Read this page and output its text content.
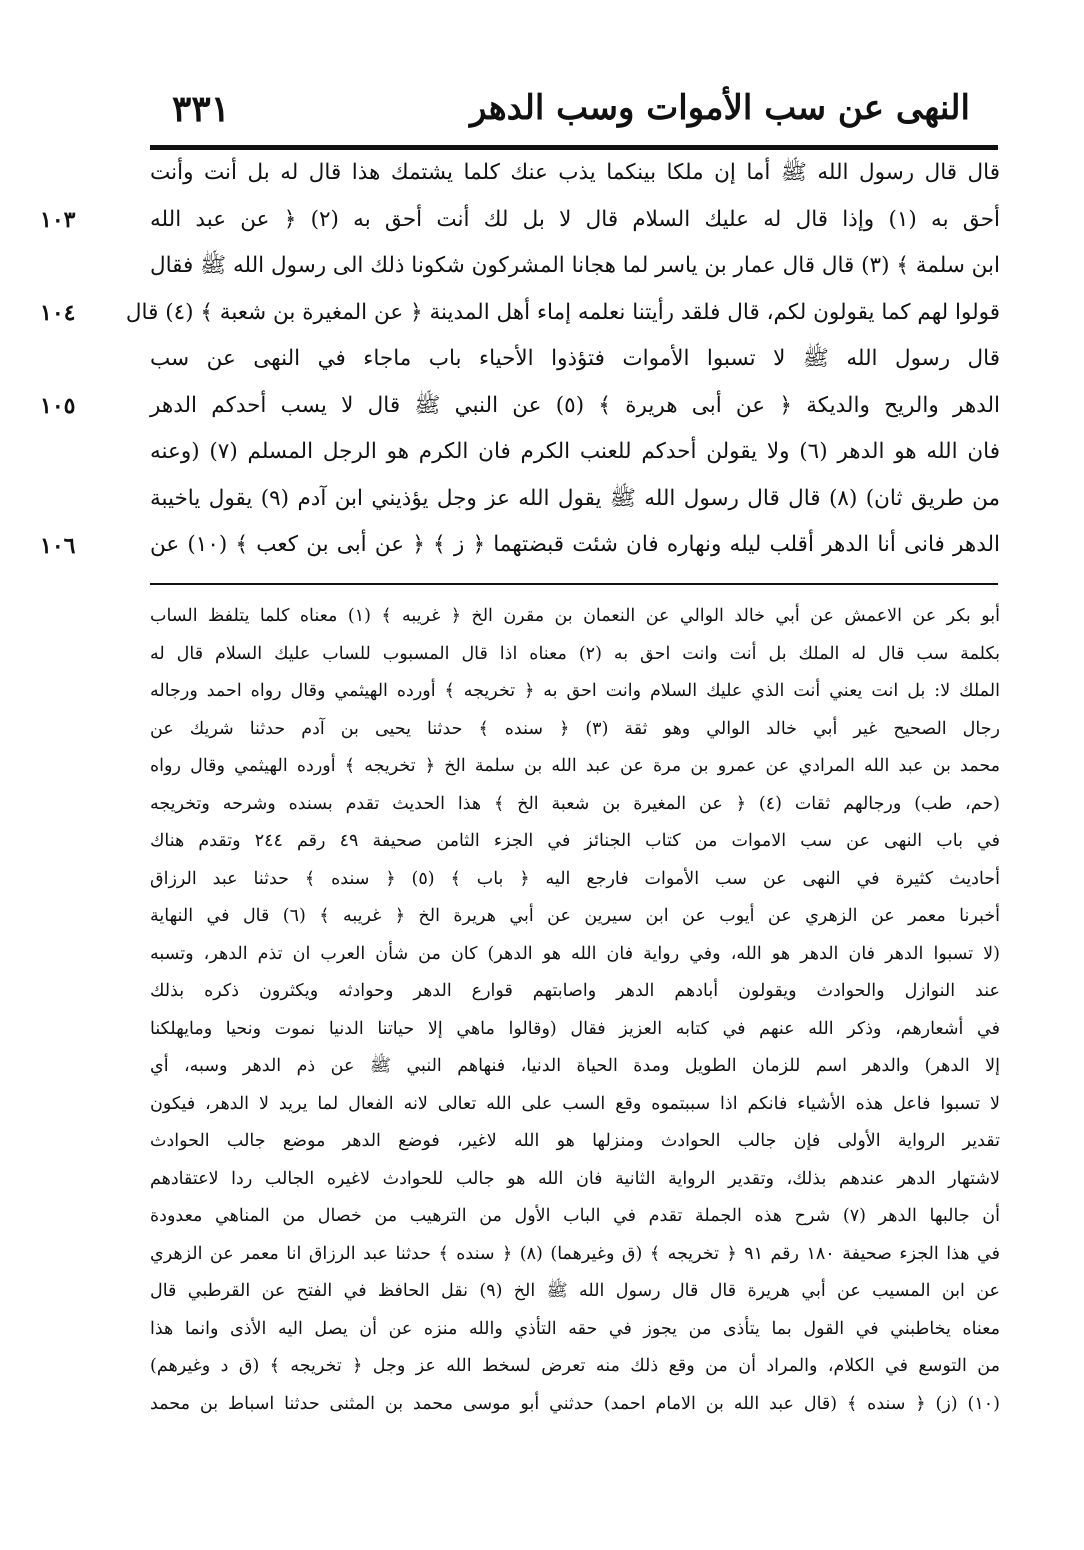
٣٣١	النهى عن سب الأموات وسب الدهر
قال قال رسول الله ﷺ أما إن ملكا بينكما يذب عنك كلما يشتمك هذا قال له بل أنت وأنت
أحق به (١) وإذا قال له عليك السلام قال لا بل لك أنت أحق به (٢) ﴿ عن عبد الله
ابن سلمة ﴾ (٣) قال قال عمار بن ياسر لما هجانا المشركون شكونا ذلك الى رسول الله ﷺ فقال
قولوا لهم كما يقولون لكم، قال فلقد رأيتنا نعلمه إماء أهل المدينة ﴿ عن المغيرة بن شعبة ﴾ (٤) قال
قال رسول الله ﷺ لا تسبوا الأموات فتؤذوا الأحياء باب ماجاء في النهى عن سب
الدهر والريح والديكة ﴿ عن أبى هريرة ﴾ (٥) عن النبي ﷺ قال لا يسب أحدكم الدهر
فان الله هو الدهر (٦) ولا يقولن أحدكم للعنب الكرم فان الكرم هو الرجل المسلم (٧) (وعنه
من طريق ثان) (٨) قال قال رسول الله ﷺ يقول الله عز وجل يؤذيني ابن آدم (٩) يقول ياخيبة
الدهر فانى أنا الدهر أقلب ليله ونهاره فان شئت قبضتهما ﴿ ز ﴾ ﴿ عن أبى بن كعب ﴾ (١٠) عن
١٠٣
١٠٤
١٠٥
١٠٦
أبو بكر عن الاعمش عن أبي خالد الوالي عن النعمان بن مقرن الخ ﴿ غريبه ﴾ (١) معناه كلما يتلفظ الساب
بكلمة سب قال له الملك بل أنت وانت احق به (٢) معناه اذا قال المسبوب للساب عليك السلام قال له
الملك لا: بل انت يعني أنت الذي عليك السلام وانت احق به ﴿ تخريجه ﴾ أورده الهيثمي وقال رواه احمد ورجاله
رجال الصحيح غير أبي خالد الوالي وهو ثقة (٣) ﴿ سنده ﴾ حدثنا يحيى بن آدم حدثنا شريك عن
محمد بن عبد الله المرادي عن عمرو بن مرة عن عبد الله بن سلمة الخ ﴿ تخريجه ﴾ أورده الهيثمي وقال رواه
(حم، طب) ورجالهم ثقات (٤) ﴿ عن المغيرة بن شعبة الخ ﴾ هذا الحديث تقدم بسنده وشرحه وتخريجه
في باب النهى عن سب الاموات من كتاب الجنائز في الجزء الثامن صحيفة ٤٩ رقم ٢٤٤ وتقدم هناك
أحاديث كثيرة في النهى عن سب الأموات فارجع اليه ﴿ باب ﴾ (٥) ﴿ سنده ﴾ حدثنا عبد الرزاق
أخبرنا معمر عن الزهري عن أيوب عن ابن سيرين عن أبي هريرة الخ ﴿ غريبه ﴾ (٦) قال في النهاية
(لا تسبوا الدهر فان الدهر هو الله، وفي رواية فان الله هو الدهر) كان من شأن العرب ان تذم الدهر، وتسبه
عند النوازل والحوادث ويقولون أبادهم الدهر واصابتهم قوارع الدهر وحوادثه ويكثرون ذكره بذلك
في أشعارهم، وذكر الله عنهم في كتابه العزيز فقال (وقالوا ماهي إلا حياتنا الدنيا نموت ونحيا ومايهلكنا
إلا الدهر) والدهر اسم للزمان الطويل ومدة الحياة الدنيا، فنهاهم النبي ﷺ عن ذم الدهر وسبه، أي
لا تسبوا فاعل هذه الأشياء فانكم اذا سببتموه وقع السب على الله تعالى لانه الفعال لما يريد لا الدهر، فيكون
تقدير الرواية الأولى فإن جالب الحوادث ومنزلها هو الله لاغير، فوضع الدهر موضع جالب الحوادث
لاشتهار الدهر عندهم بذلك، وتقدير الرواية الثانية فان الله هو جالب للحوادث لاغيره الجالب ردا لاعتقادهم
أن جالبها الدهر (٧) شرح هذه الجملة تقدم في الباب الأول من الترهيب من خصال من المناهي معدودة
في هذا الجزء صحيفة ١٨٠ رقم ٩١ ﴿ تخريجه ﴾ (ق وغيرهما) (٨) ﴿ سنده ﴾ حدثنا عبد الرزاق انا معمر عن الزهري
عن ابن المسيب عن أبي هريرة قال قال رسول الله ﷺ الخ (٩) نقل الحافظ في الفتح عن القرطبي قال
معناه يخاطبني في القول بما يتأذى من يجوز في حقه التأذي والله منزه عن أن يصل اليه الأذى وانما هذا
من التوسع في الكلام، والمراد أن من وقع ذلك منه تعرض لسخط الله عز وجل ﴿ تخريجه ﴾ (ق د وغيرهم)
(١٠) (ز) ﴿ سنده ﴾ (قال عبد الله بن الامام احمد) حدثني أبو موسى محمد بن المثنى حدثنا اسباط بن محمد
